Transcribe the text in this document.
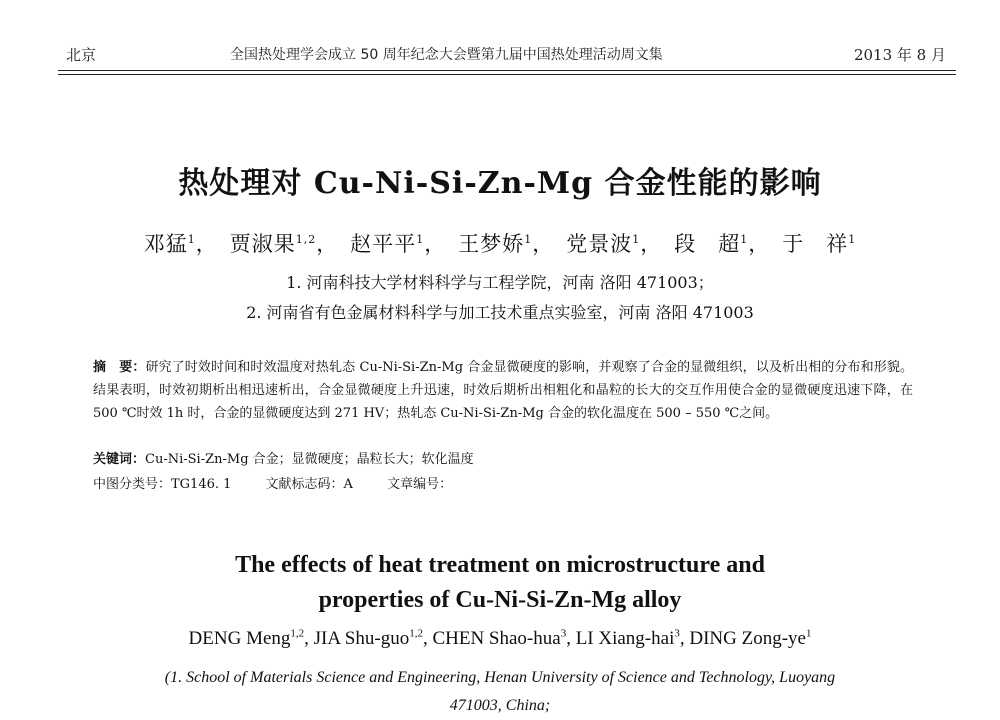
北京	全国热处理学会成立 50 周年纪念大会暨第九届中国热处理活动周文集	2013 年 8 月
热处理对 Cu-Ni-Si-Zn-Mg 合金性能的影响
邓猛$^1$， 贾淑果$^{1,2}$， 赵平平$^1$， 王梦娇$^1$， 党景波$^1$， 段　超$^1$， 于　祥$^1$
1. 河南科技大学材料科学与工程学院，河南 洛阳 471003；
2. 河南省有色金属材料科学与加工技术重点实验室，河南 洛阳 471003
摘　要：研究了时效时间和时效温度对热轧态 Cu-Ni-Si-Zn-Mg 合金显微硬度的影响，并观察了合金的显微组织，以及析出相的分布和形貌。结果表明，时效初期析出相迅速析出，合金显微硬度上升迅速，时效后期析出相粗化和晶粒的长大的交互作用使合金的显微硬度迅速下降，在 500 ℃时效 1h 时，合金的显微硬度达到 271 HV；热轧态 Cu-Ni-Si-Zn-Mg 合金的软化温度在 500 – 550 ℃之间。
关键词：Cu-Ni-Si-Zn-Mg 合金；显微硬度；晶粒长大；软化温度
中图分类号：TG146. 1	文献标志码：A	文章编号：
The effects of heat treatment on microstructure and
properties of Cu-Ni-Si-Zn-Mg alloy
DENG Meng$^{1,2}$, JIA Shu-guo$^{1,2}$, CHEN Shao-hua$^3$, LI Xiang-hai$^3$, DING Zong-$ye^1$
(1. School of Materials Science and Engineering, Henan University of Science and Technology, Luoyang 471003, China;
